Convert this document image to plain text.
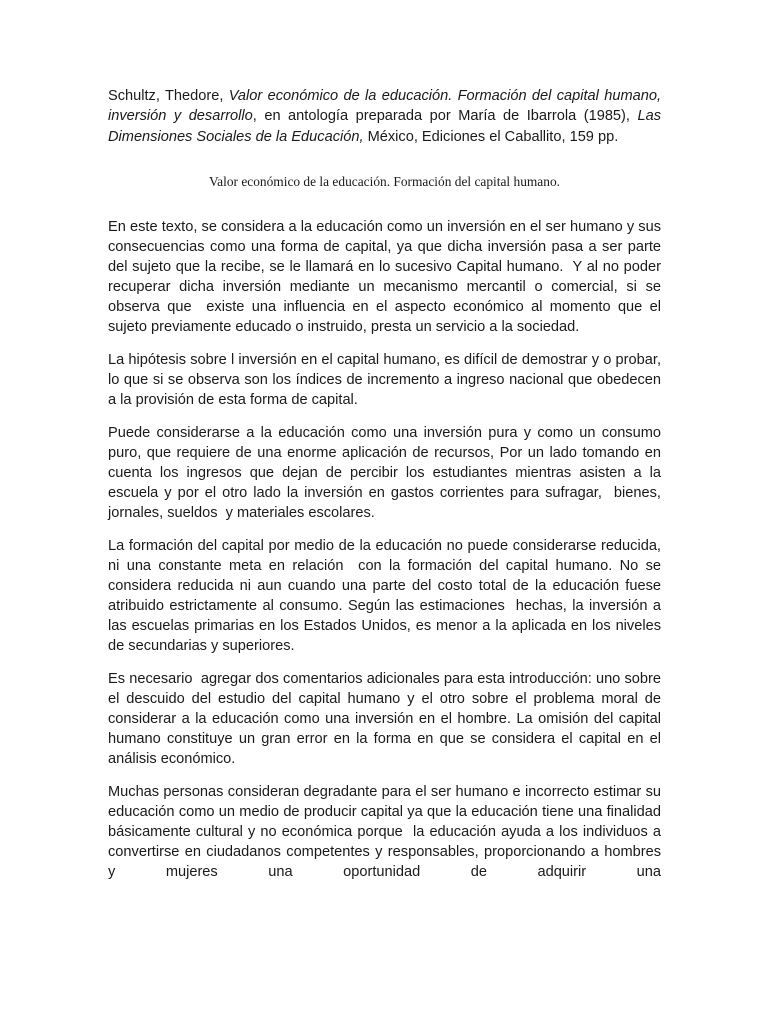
Schultz, Thedore, Valor económico de la educación. Formación del capital humano, inversión y desarrollo, en antología preparada por María de Ibarrola (1985), Las Dimensiones Sociales de la Educación, México, Ediciones el Caballito, 159 pp.

Valor económico de la educación. Formación del capital humano.

En este texto, se considera a la educación como un inversión en el ser humano y sus consecuencias como una forma de capital, ya que dicha inversión pasa a ser parte del sujeto que la recibe, se le llamará en lo sucesivo Capital humano.  Y al no poder recuperar dicha inversión mediante un mecanismo mercantil o comercial, si se observa que  existe una influencia en el aspecto económico al momento que el sujeto previamente educado o instruido, presta un servicio a la sociedad.

La hipótesis sobre l inversión en el capital humano, es difícil de demostrar y o probar, lo que si se observa son los índices de incremento a ingreso nacional que obedecen a la provisión de esta forma de capital.

Puede considerarse a la educación como una inversión pura y como un consumo puro, que requiere de una enorme aplicación de recursos, Por un lado tomando en cuenta los ingresos que dejan de percibir los estudiantes mientras asisten a la escuela y por el otro lado la inversión en gastos corrientes para sufragar,  bienes, jornales, sueldos  y materiales escolares.

La formación del capital por medio de la educación no puede considerarse reducida, ni una constante meta en relación  con la formación del capital humano. No se considera reducida ni aun cuando una parte del costo total de la educación fuese atribuido estrictamente al consumo. Según las estimaciones  hechas, la inversión a las escuelas primarias en los Estados Unidos, es menor a la aplicada en los niveles de secundarias y superiores.

Es necesario  agregar dos comentarios adicionales para esta introducción: uno sobre el descuido del estudio del capital humano y el otro sobre el problema moral de considerar a la educación como una inversión en el hombre. La omisión del capital humano constituye un gran error en la forma en que se considera el capital en el análisis económico.

Muchas personas consideran degradante para el ser humano e incorrecto estimar su educación como un medio de producir capital ya que la educación tiene una finalidad básicamente cultural y no económica porque  la educación ayuda a los individuos a convertirse en ciudadanos competentes y responsables, proporcionando a hombres y mujeres una oportunidad de adquirir una
